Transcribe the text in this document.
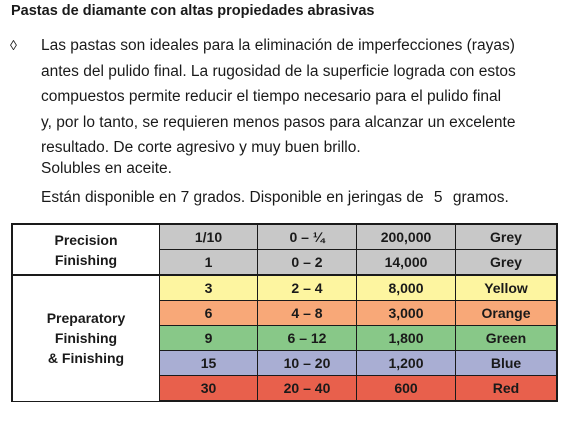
Pastas de diamante con altas propiedades abrasivas
◊ Las pastas son ideales para la eliminación de imperfecciones (rayas)
antes del pulido final. La rugosidad de la superficie lograda con estos
compuestos permite reducir el tiempo necesario para el pulido final
y, por lo tanto, se requieren menos pasos para alcanzar un excelente
resultado. De corte agresivo y muy buen brillo.
Solubles en aceite.
Están disponible en 7 grados. Disponible en jeringas de 5 gramos.
Precision
Finishing	1/10	0 – ¼	200,000	Grey
	1	0 – 2	14,000	Grey

Preparatory
Finishing
& Finishing	3	2 – 4	8,000	Yellow
	6	4 – 8	3,000	Orange
	9	6 – 12	1,800	Green
	15	10 – 20	1,200	Blue
	30	20 – 40	600	Red
